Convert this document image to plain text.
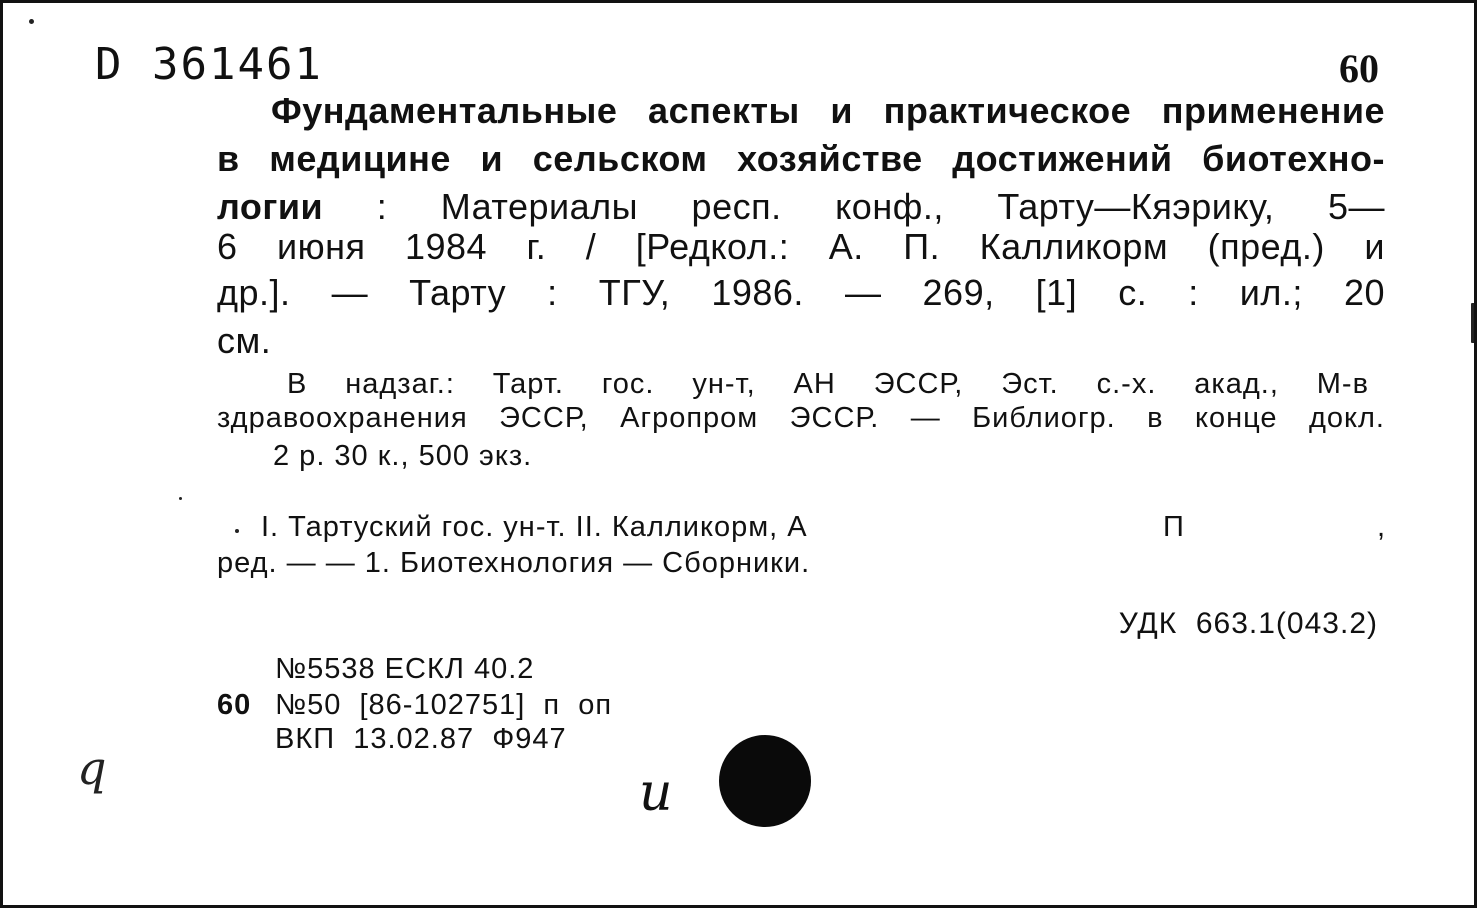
D 361461	60
Фундаментальные аспекты и практическое применение
в медицине и сельском хозяйстве достижений биотехно-
логии : Материалы респ. конф., Тарту—Кяэрику, 5—
6 июня 1984 г. / [Редкол.: А. П. Калликорм (пред.) и
др.]. — Тарту : ТГУ, 1986. — 269, [1] с. : ил.; 20
см.
В надзаг.: Тарт. гос. ун-т, АН ЭССР, Эст. с.-х. акад., М-в
здравоохранения ЭССР, Агропром ЭССР. — Библиогр. в конце докл.
2 р. 30 к., 500 экз.
I. Тартуский гос. ун-т. II. Калликорм, А	П	,
ред. — — 1. Биотехнология — Сборники.
УДК  663.1(043.2)
№5538 ЕСКЛ 40.2
60 №50  [86-102751]  п  оп
ВКП  13.02.87  Ф947
q	и
